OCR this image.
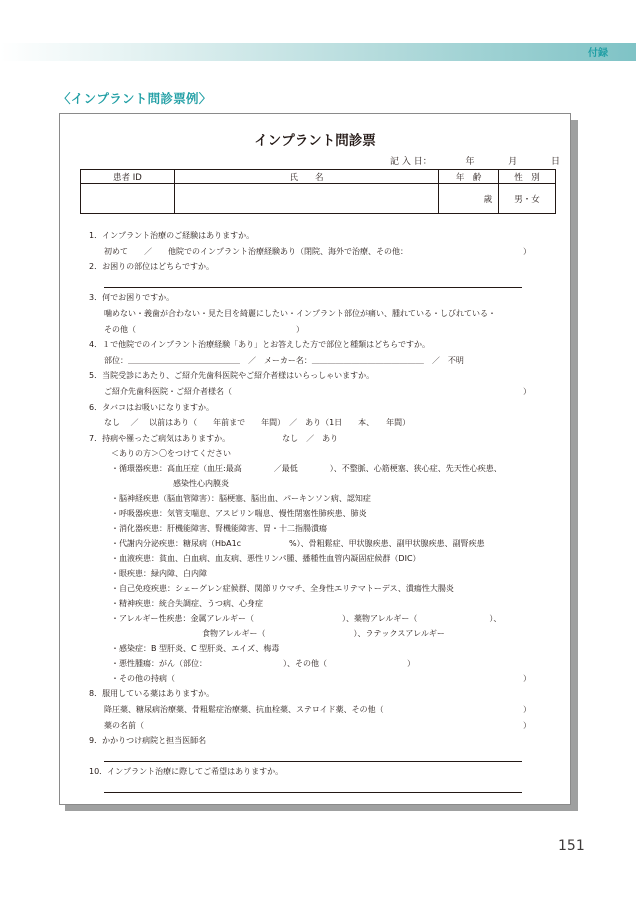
付録
〈インプラント問診票例〉
インプラント問診票
記 入 日：	年	月	日
患者 ID	氏　　名	年　齢	性　別
		歳	男・女
1．インプラント治療のご経験はありますか。
初めて　　／　　他院でのインプラント治療経験あり（閉院、海外で治療、その他：	）
2．お困りの部位はどちらですか。
3．何でお困りですか。
噛めない・義歯が合わない・見た目を綺麗にしたい・インプラント部位が痛い、腫れている・しびれている・
その他（　　　　　　　　　　　　　　　　　　　　）
4．１で他院でのインプラント治療経験「あり」とお答えした方で部位と種類はどちらですか。
部位：＿＿＿＿＿＿＿＿＿＿＿＿＿＿　／　メーカー名：＿＿＿＿＿＿＿＿＿＿＿＿＿＿　／　不明
5．当院受診にあたり、ご紹介先歯科医院やご紹介者様はいらっしゃいますか。
ご紹介先歯科医院・ご紹介者様名（	）
6．タバコはお吸いになりますか。
なし　 ／　 以前はあり（　　年前まで　　年間）　／　あり（1日　　本、　　年間）
7．持病や罹ったご病気はありますか。　　　　　　　なし　／　あり
＜ありの方＞〇をつけてください
・循環器疾患：高血圧症（血圧:最高　　　　／最低　　　　）、不整脈、心筋梗塞、狭心症、先天性心疾患、
感染性心内膜炎
・脳神経疾患（脳血管障害）：脳梗塞、脳出血、パーキンソン病、認知症
・呼吸器疾患：気管支喘息、アスピリン喘息、慢性閉塞性肺疾患、肺炎
・消化器疾患：肝機能障害、腎機能障害、胃・十二指腸潰瘍
・代謝内分泌疾患：糖尿病（HbA1c　　　　　　%）、骨粗鬆症、甲状腺疾患、副甲状腺疾患、副腎疾患
・血液疾患：貧血、白血病、血友病、悪性リンパ腫、播種性血管内凝固症候群（DIC）
・眼疾患：緑内障、白内障
・自己免疫疾患：シェーグレン症候群、関節リウマチ、全身性エリテマトーデス、潰瘍性大腸炎
・精神疾患：統合失調症、うつ病、心身症
・アレルギー性疾患：金属アレルギー（　　　　　　　　　　　）、薬物アレルギー（　　　　　　　　　）、
食物アレルギー（　　　　　　　　　　　）、ラテックスアレルギー
・感染症：B 型肝炎、C 型肝炎、エイズ、梅毒
・悪性腫瘍：がん（部位：　　　　　　　　　　）、その他（　　　　　　　　　　）
・その他の持病（	）
8．服用している薬はありますか。
降圧薬、糖尿病治療薬、骨粗鬆症治療薬、抗血栓薬、ステロイド薬、その他（	）
薬の名前（	）
9．かかりつけ病院と担当医師名
10．インプラント治療に際してご希望はありますか。
151
